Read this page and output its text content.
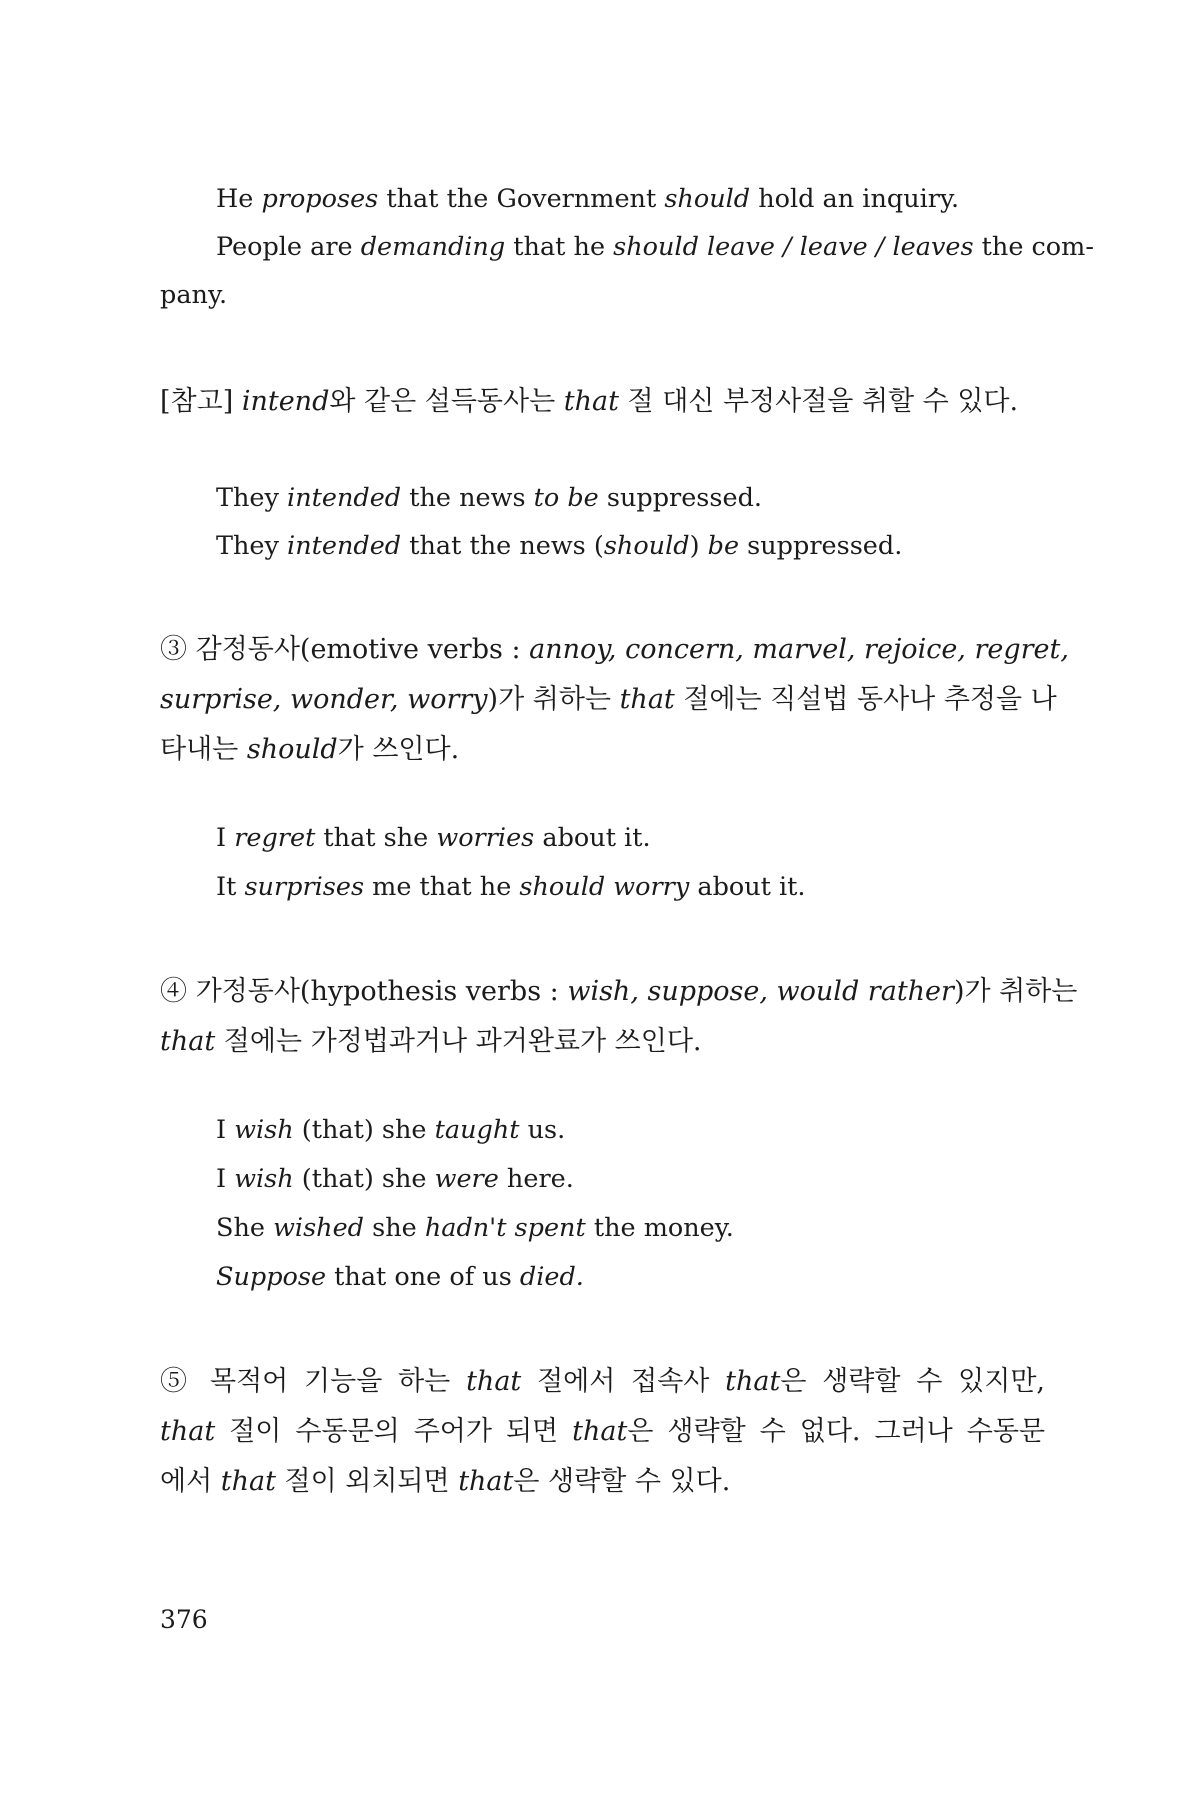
He proposes that the Government should hold an inquiry.
People are demanding that he should leave / leave / leaves the com-
pany.
[참고] intend와 같은 설득동사는 that 절 대신 부정사절을 취할 수 있다.
They intended the news to be suppressed.
They intended that the news (should) be suppressed.
③ 감정동사(emotive verbs : annoy, concern, marvel, rejoice, regret,
surprise, wonder, worry)가 취하는 that 절에는 직설법 동사나 추정을 나
타내는 should가 쓰인다.
I regret that she worries about it.
It surprises me that he should worry about it.
④ 가정동사(hypothesis verbs : wish, suppose, would rather)가 취하는
that 절에는 가정법과거나 과거완료가 쓰인다.
I wish (that) she taught us.
I wish (that) she were here.
She wished she hadn't spent the money.
Suppose that one of us died.
⑤ 목적어 기능을 하는 that 절에서 접속사 that은 생략할 수 있지만,
that 절이 수동문의 주어가 되면 that은 생략할 수 없다. 그러나 수동문
에서 that 절이 외치되면 that은 생략할 수 있다.
376
